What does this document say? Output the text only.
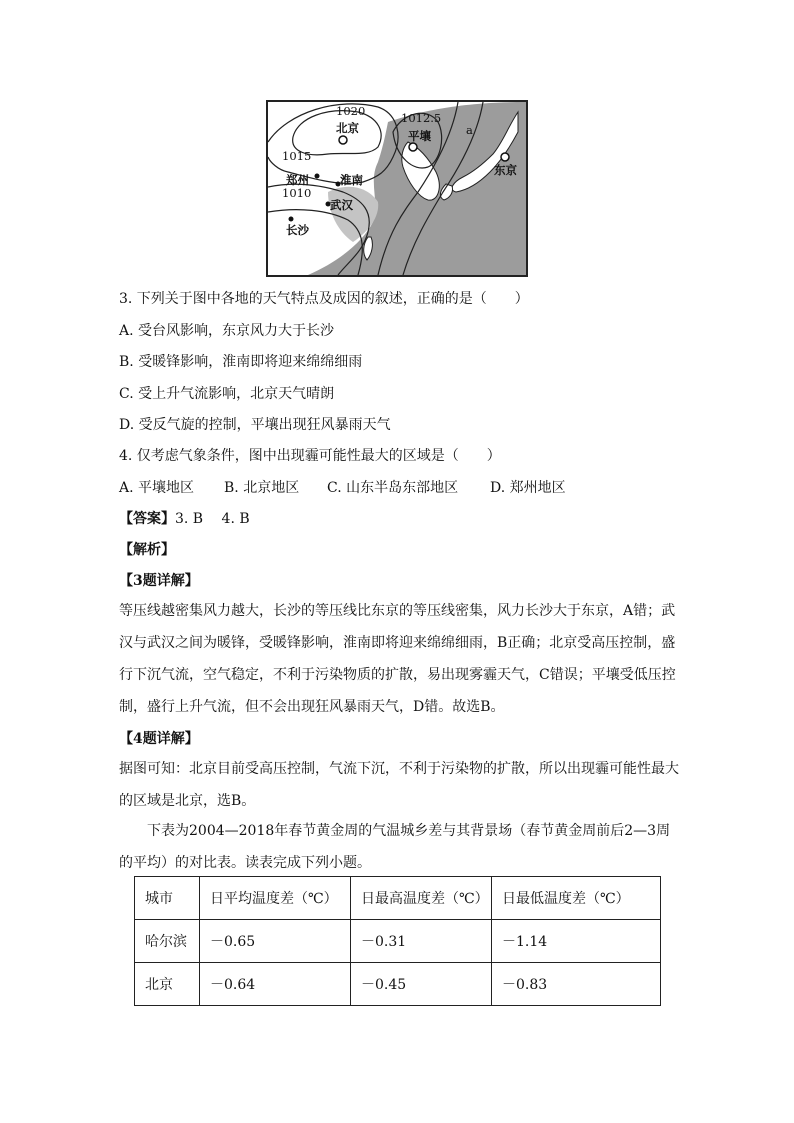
1020
北京
1012.5
平壤	a
1015
东京
郑州	淮南
1010
武汉
长沙
3. 下列关于图中各地的天气特点及成因的叙述，正确的是（　　）
A. 受台风影响，东京风力大于长沙
B. 受暖锋影响，淮南即将迎来绵绵细雨
C. 受上升气流影响，北京天气晴朗
D. 受反气旋的控制，平壤出现狂风暴雨天气
4. 仅考虑气象条件，图中出现霾可能性最大的区域是（　　）
A. 平壤地区 B. 北京地区 C. 山东半岛东部地区 D. 郑州地区
【答案】3. B　 4. B
【解析】
【3题详解】
等压线越密集风力越大，长沙的等压线比东京的等压线密集，风力长沙大于东京，A错；武汉与武汉之间为暖锋，受暖锋影响，淮南即将迎来绵绵细雨，B正确；北京受高压控制，盛行下沉气流，空气稳定，不利于污染物质的扩散，易出现雾霾天气，C错误；平壤受低压控制，盛行上升气流，但不会出现狂风暴雨天气，D错。故选B。
【4题详解】
据图可知：北京目前受高压控制，气流下沉，不利于污染物的扩散，所以出现霾可能性最大的区域是北京，选B。
下表为2004—2018年春节黄金周的气温城乡差与其背景场（春节黄金周前后2—3周的平均）的对比表。读表完成下列小题。
城市	日平均温度差（℃）	日最高温度差（℃）	日最低温度差（℃）
哈尔滨	－0.65	－0.31	－1.14
北京	－0.64	－0.45	－0.83
